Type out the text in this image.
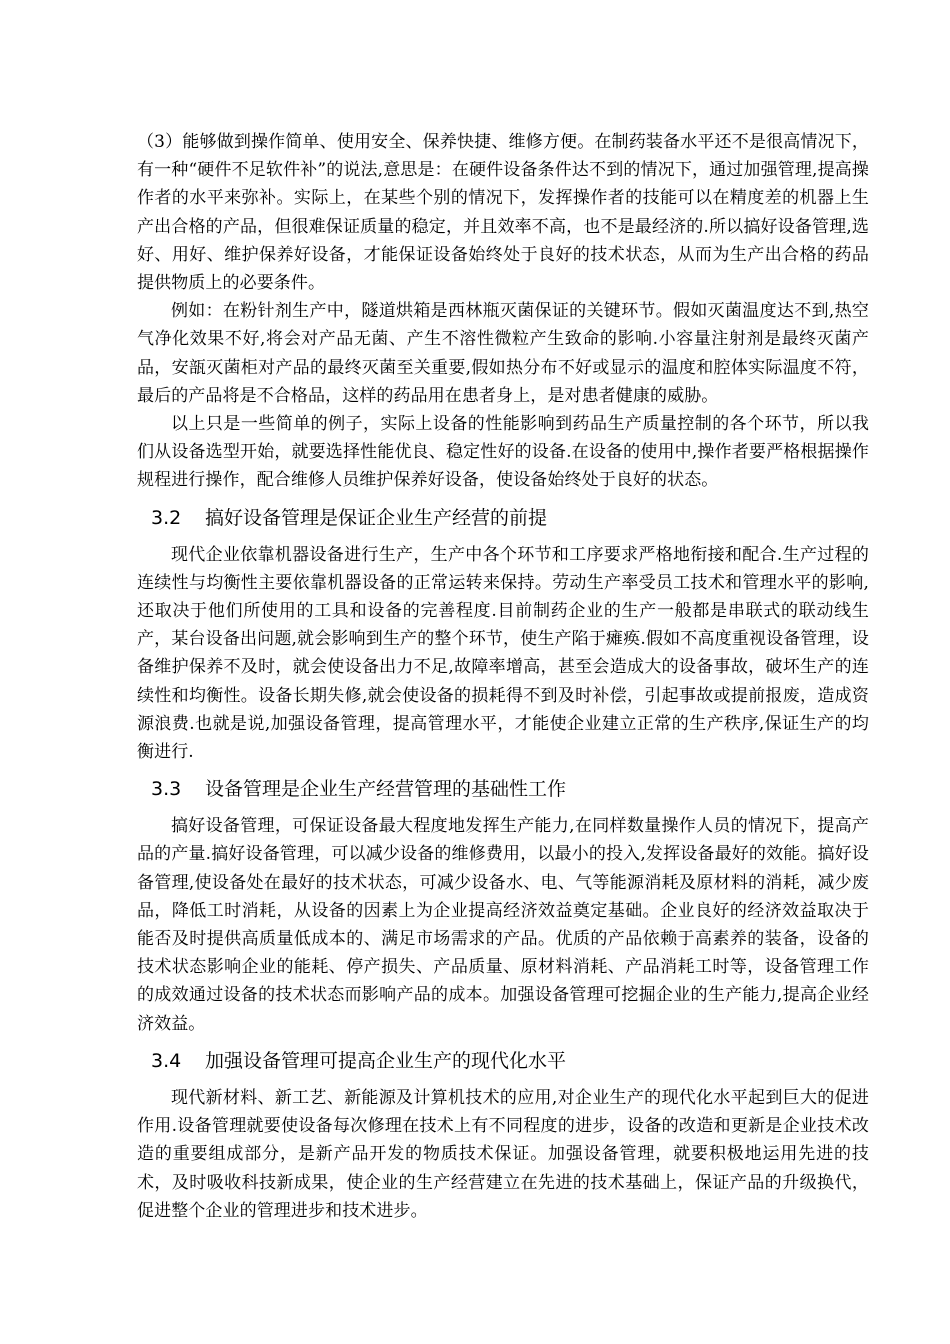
（3）能够做到操作简单、使用安全、保养快捷、维修方便。在制药装备水平还不是很高情况下，有一种“硬件不足软件补”的说法,意思是：在硬件设备条件达不到的情况下，通过加强管理,提高操作者的水平来弥补。实际上，在某些个别的情况下，发挥操作者的技能可以在精度差的机器上生产出合格的产品，但很难保证质量的稳定，并且效率不高，也不是最经济的.所以搞好设备管理,选好、用好、维护保养好设备，才能保证设备始终处于良好的技术状态，从而为生产出合格的药品提供物质上的必要条件。

例如：在粉针剂生产中，隧道烘箱是西林瓶灭菌保证的关键环节。假如灭菌温度达不到,热空气净化效果不好,将会对产品无菌、产生不溶性微粒产生致命的影响.小容量注射剂是最终灭菌产品，安瓿灭菌柜对产品的最终灭菌至关重要,假如热分布不好或显示的温度和腔体实际温度不符，最后的产品将是不合格品，这样的药品用在患者身上，是对患者健康的威胁。

以上只是一些简单的例子，实际上设备的性能影响到药品生产质量控制的各个环节，所以我们从设备选型开始，就要选择性能优良、稳定性好的设备.在设备的使用中,操作者要严格根据操作规程进行操作，配合维修人员维护保养好设备，使设备始终处于良好的状态。

3.2 搞好设备管理是保证企业生产经营的前提

现代企业依靠机器设备进行生产，生产中各个环节和工序要求严格地衔接和配合.生产过程的连续性与均衡性主要依靠机器设备的正常运转来保持。劳动生产率受员工技术和管理水平的影响,还取决于他们所使用的工具和设备的完善程度.目前制药企业的生产一般都是串联式的联动线生产，某台设备出问题,就会影响到生产的整个环节，使生产陷于瘫痪.假如不高度重视设备管理，设备维护保养不及时，就会使设备出力不足,故障率增高，甚至会造成大的设备事故，破坏生产的连续性和均衡性。设备长期失修,就会使设备的损耗得不到及时补偿，引起事故或提前报废，造成资源浪费.也就是说,加强设备管理，提高管理水平，才能使企业建立正常的生产秩序,保证生产的均衡进行.

3.3 设备管理是企业生产经营管理的基础性工作

搞好设备管理，可保证设备最大程度地发挥生产能力,在同样数量操作人员的情况下，提高产品的产量.搞好设备管理，可以减少设备的维修费用，以最小的投入,发挥设备最好的效能。搞好设备管理,使设备处在最好的技术状态，可减少设备水、电、气等能源消耗及原材料的消耗，减少废品，降低工时消耗，从设备的因素上为企业提高经济效益奠定基础。企业良好的经济效益取决于能否及时提供高质量低成本的、满足市场需求的产品。优质的产品依赖于高素养的装备，设备的技术状态影响企业的能耗、停产损失、产品质量、原材料消耗、产品消耗工时等，设备管理工作的成效通过设备的技术状态而影响产品的成本。加强设备管理可挖掘企业的生产能力,提高企业经济效益。

3.4 加强设备管理可提高企业生产的现代化水平

现代新材料、新工艺、新能源及计算机技术的应用,对企业生产的现代化水平起到巨大的促进作用.设备管理就要使设备每次修理在技术上有不同程度的进步，设备的改造和更新是企业技术改造的重要组成部分，是新产品开发的物质技术保证。加强设备管理，就要积极地运用先进的技术，及时吸收科技新成果，使企业的生产经营建立在先进的技术基础上，保证产品的升级换代，促进整个企业的管理进步和技术进步。
